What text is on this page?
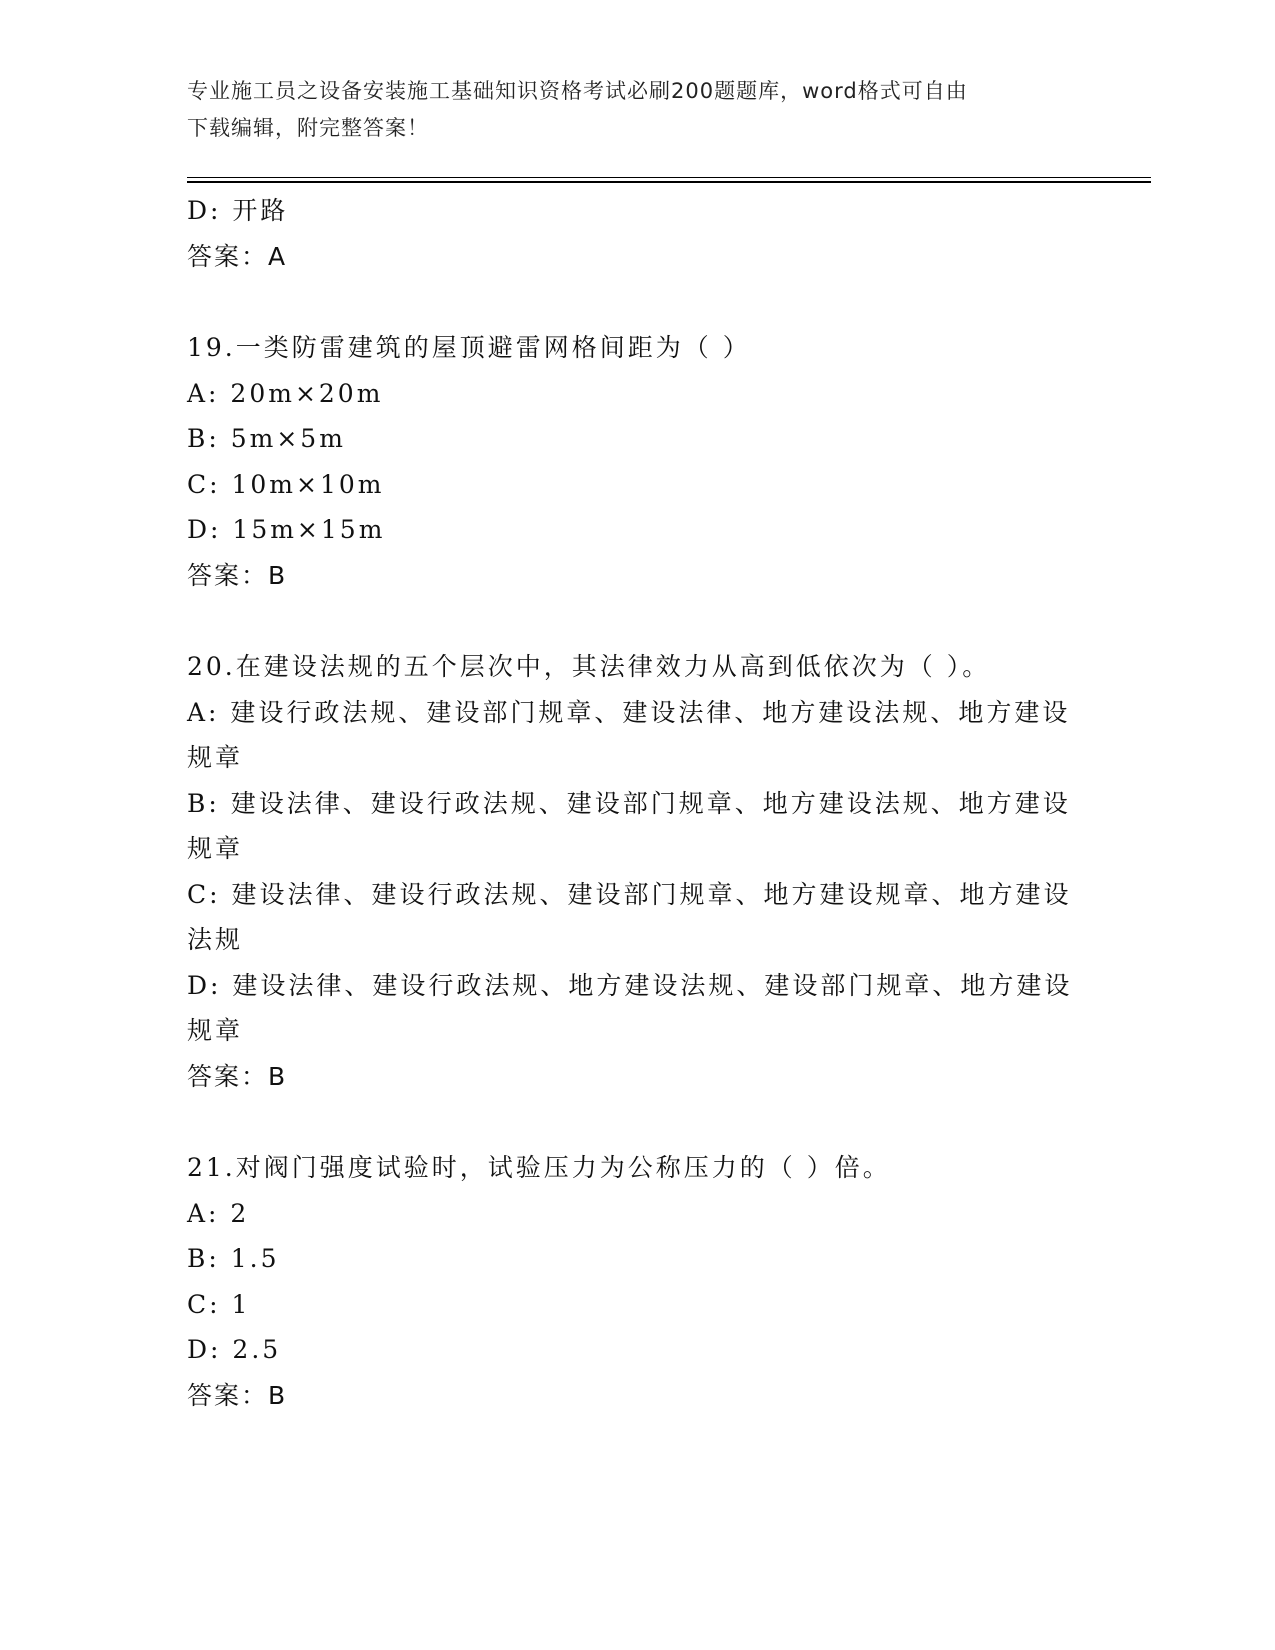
专业施工员之设备安装施工基础知识资格考试必刷200题题库，word格式可自由
下载编辑，附完整答案！
D: 开路
答案：A
19.一类防雷建筑的屋顶避雷网格间距为（ ）
A: 20m×20m
B: 5m×5m
C: 10m×10m
D: 15m×15m
答案：B
20.在建设法规的五个层次中，其法律效力从高到低依次为（ ）。
A: 建设行政法规、建设部门规章、建设法律、地方建设法规、地方建设规章
B: 建设法律、建设行政法规、建设部门规章、地方建设法规、地方建设规章
C: 建设法律、建设行政法规、建设部门规章、地方建设规章、地方建设法规
D: 建设法律、建设行政法规、地方建设法规、建设部门规章、地方建设规章
答案：B
21.对阀门强度试验时，试验压力为公称压力的（ ）倍。
A: 2
B: 1.5
C: 1
D: 2.5
答案：B
